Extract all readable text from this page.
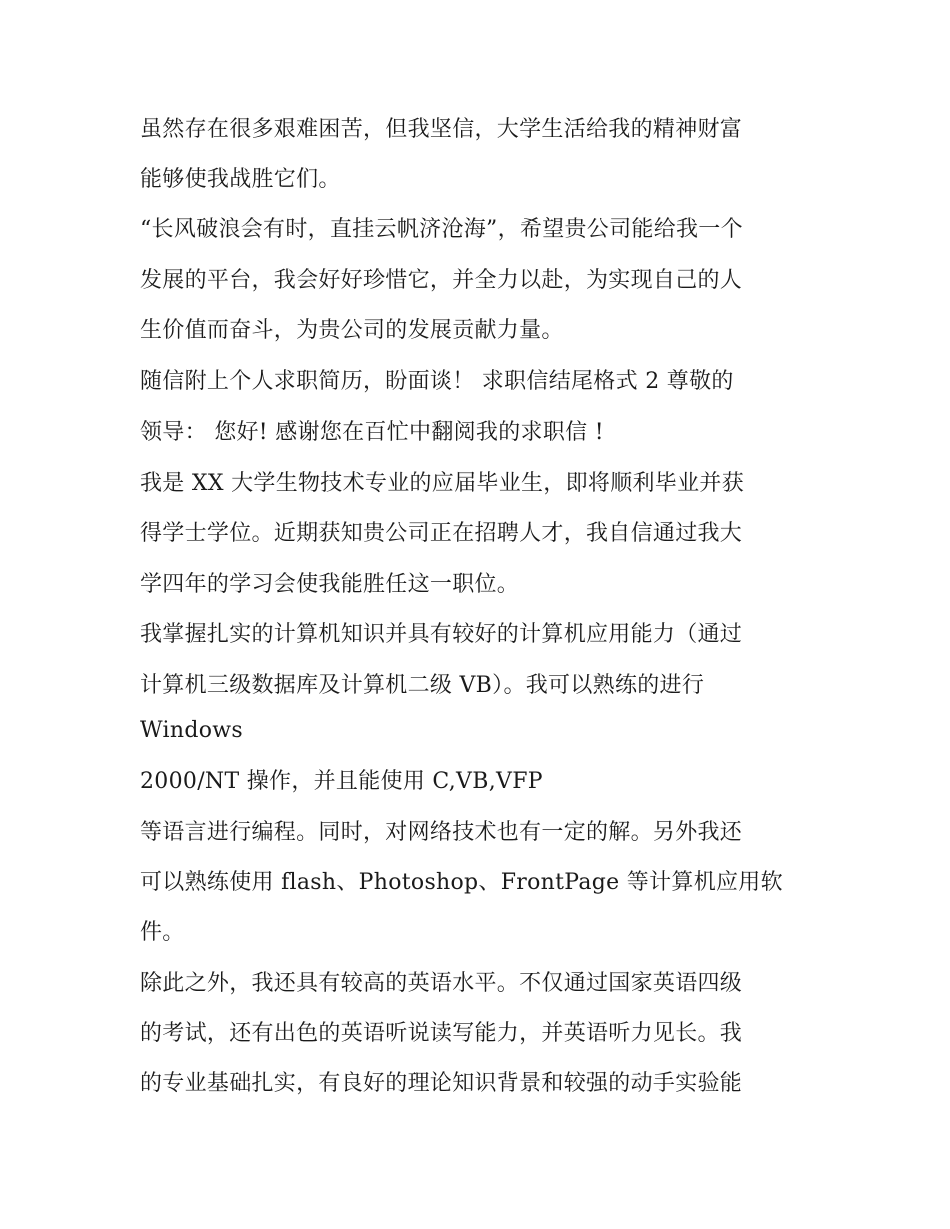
虽然存在很多艰难困苦，但我坚信，大学生活给我的精神财富
能够使我战胜它们。
“长风破浪会有时，直挂云帆济沧海”，希望贵公司能给我一个
发展的平台，我会好好珍惜它，并全力以赴，为实现自己的人
生价值而奋斗，为贵公司的发展贡献力量。
随信附上个人求职简历，盼面谈！ 求职信结尾格式 2 尊敬的
领导： 您好! 感谢您在百忙中翻阅我的求职信 !
我是 XX 大学生物技术专业的应届毕业生，即将顺利毕业并获
得学士学位。近期获知贵公司正在招聘人才，我自信通过我大
学四年的学习会使我能胜任这一职位。
我掌握扎实的计算机知识并具有较好的计算机应用能力（通过
计算机三级数据库及计算机二级 VB）。我可以熟练的进行
Windows
2000/NT 操作，并且能使用 C,VB,VFP
等语言进行编程。同时，对网络技术也有一定的解。另外我还
可以熟练使用 flash、Photoshop、FrontPage 等计算机应用软
件。
除此之外，我还具有较高的英语水平。不仅通过国家英语四级
的考试，还有出色的英语听说读写能力，并英语听力见长。我
的专业基础扎实，有良好的理论知识背景和较强的动手实验能
